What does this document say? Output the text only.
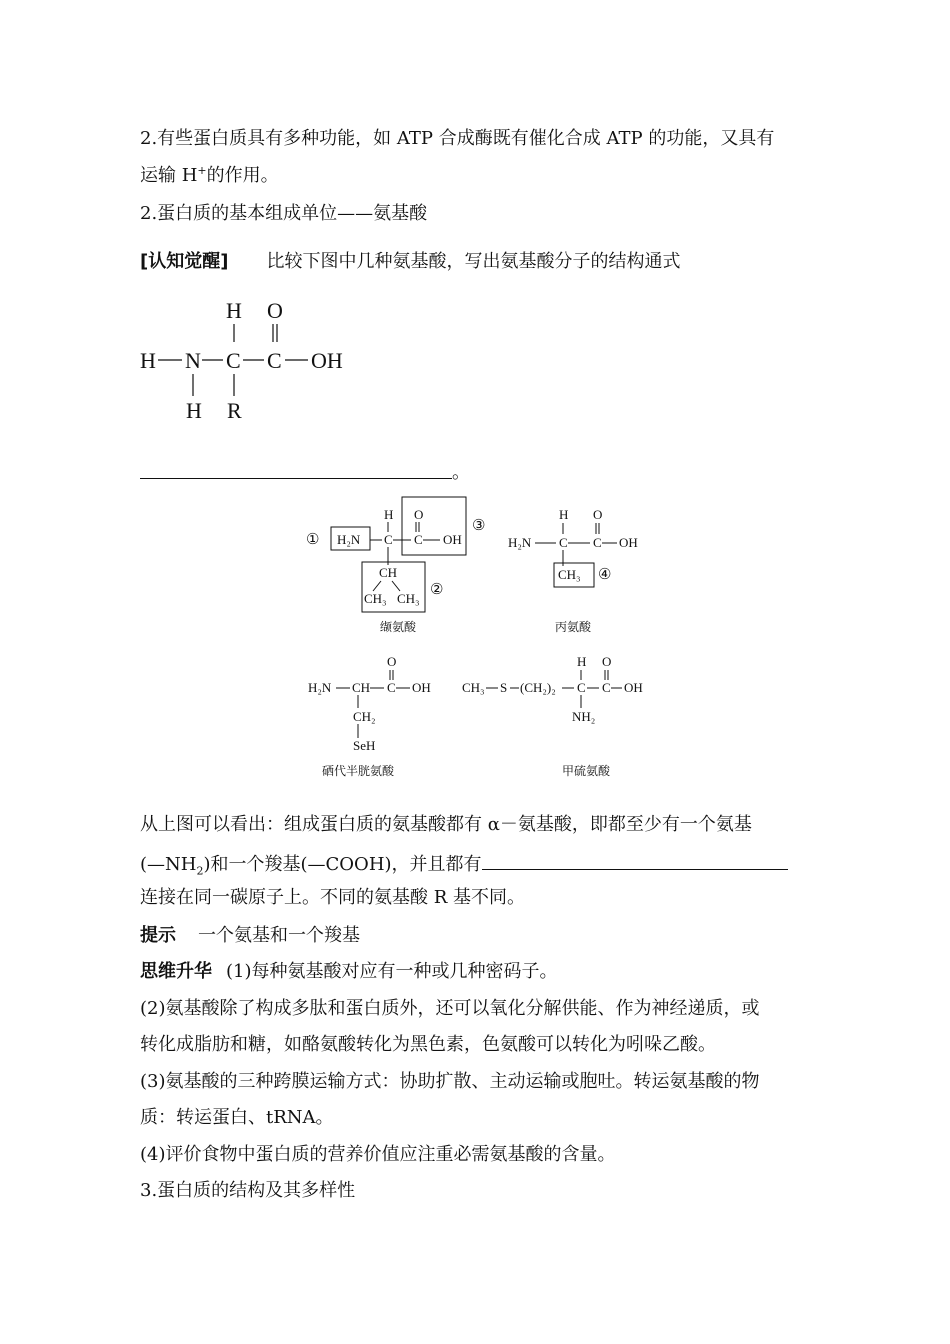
2.有些蛋白质具有多种功能，如 ATP 合成酶既有催化合成 ATP 的功能，又具有
运输 H+的作用。
2.蛋白质的基本组成单位——氨基酸
[认知觉醒] 比较下图中几种氨基酸，写出氨基酸分子的结构通式
H O
H N C C OH
H R
。
① H₂N
H
C
O
C OH
③
CH
CH₃ CH₃
②
缬氨酸
H₂N
H
C
O
C OH
CH₃ ④
丙氨酸
H₂N CH
O
C OH
CH₂
SeH
硒代半胱氨酸
CH₃ S (CH₂)₂
H
C
O
C OH
NH₂
甲硫氨酸
从上图可以看出：组成蛋白质的氨基酸都有 α－氨基酸，即都至少有一个氨基
$(—NH_2)$和一个羧基(—COOH)，并且都有
连接在同一碳原子上。不同的氨基酸 R 基不同。
提示 一个氨基和一个羧基
思维升华 (1)每种氨基酸对应有一种或几种密码子。
(2)氨基酸除了构成多肽和蛋白质外，还可以氧化分解供能、作为神经递质，或
转化成脂肪和糖，如酪氨酸转化为黑色素，色氨酸可以转化为吲哚乙酸。
(3)氨基酸的三种跨膜运输方式：协助扩散、主动运输或胞吐。转运氨基酸的物
质：转运蛋白、tRNA。
(4)评价食物中蛋白质的营养价值应注重必需氨基酸的含量。
3.蛋白质的结构及其多样性
